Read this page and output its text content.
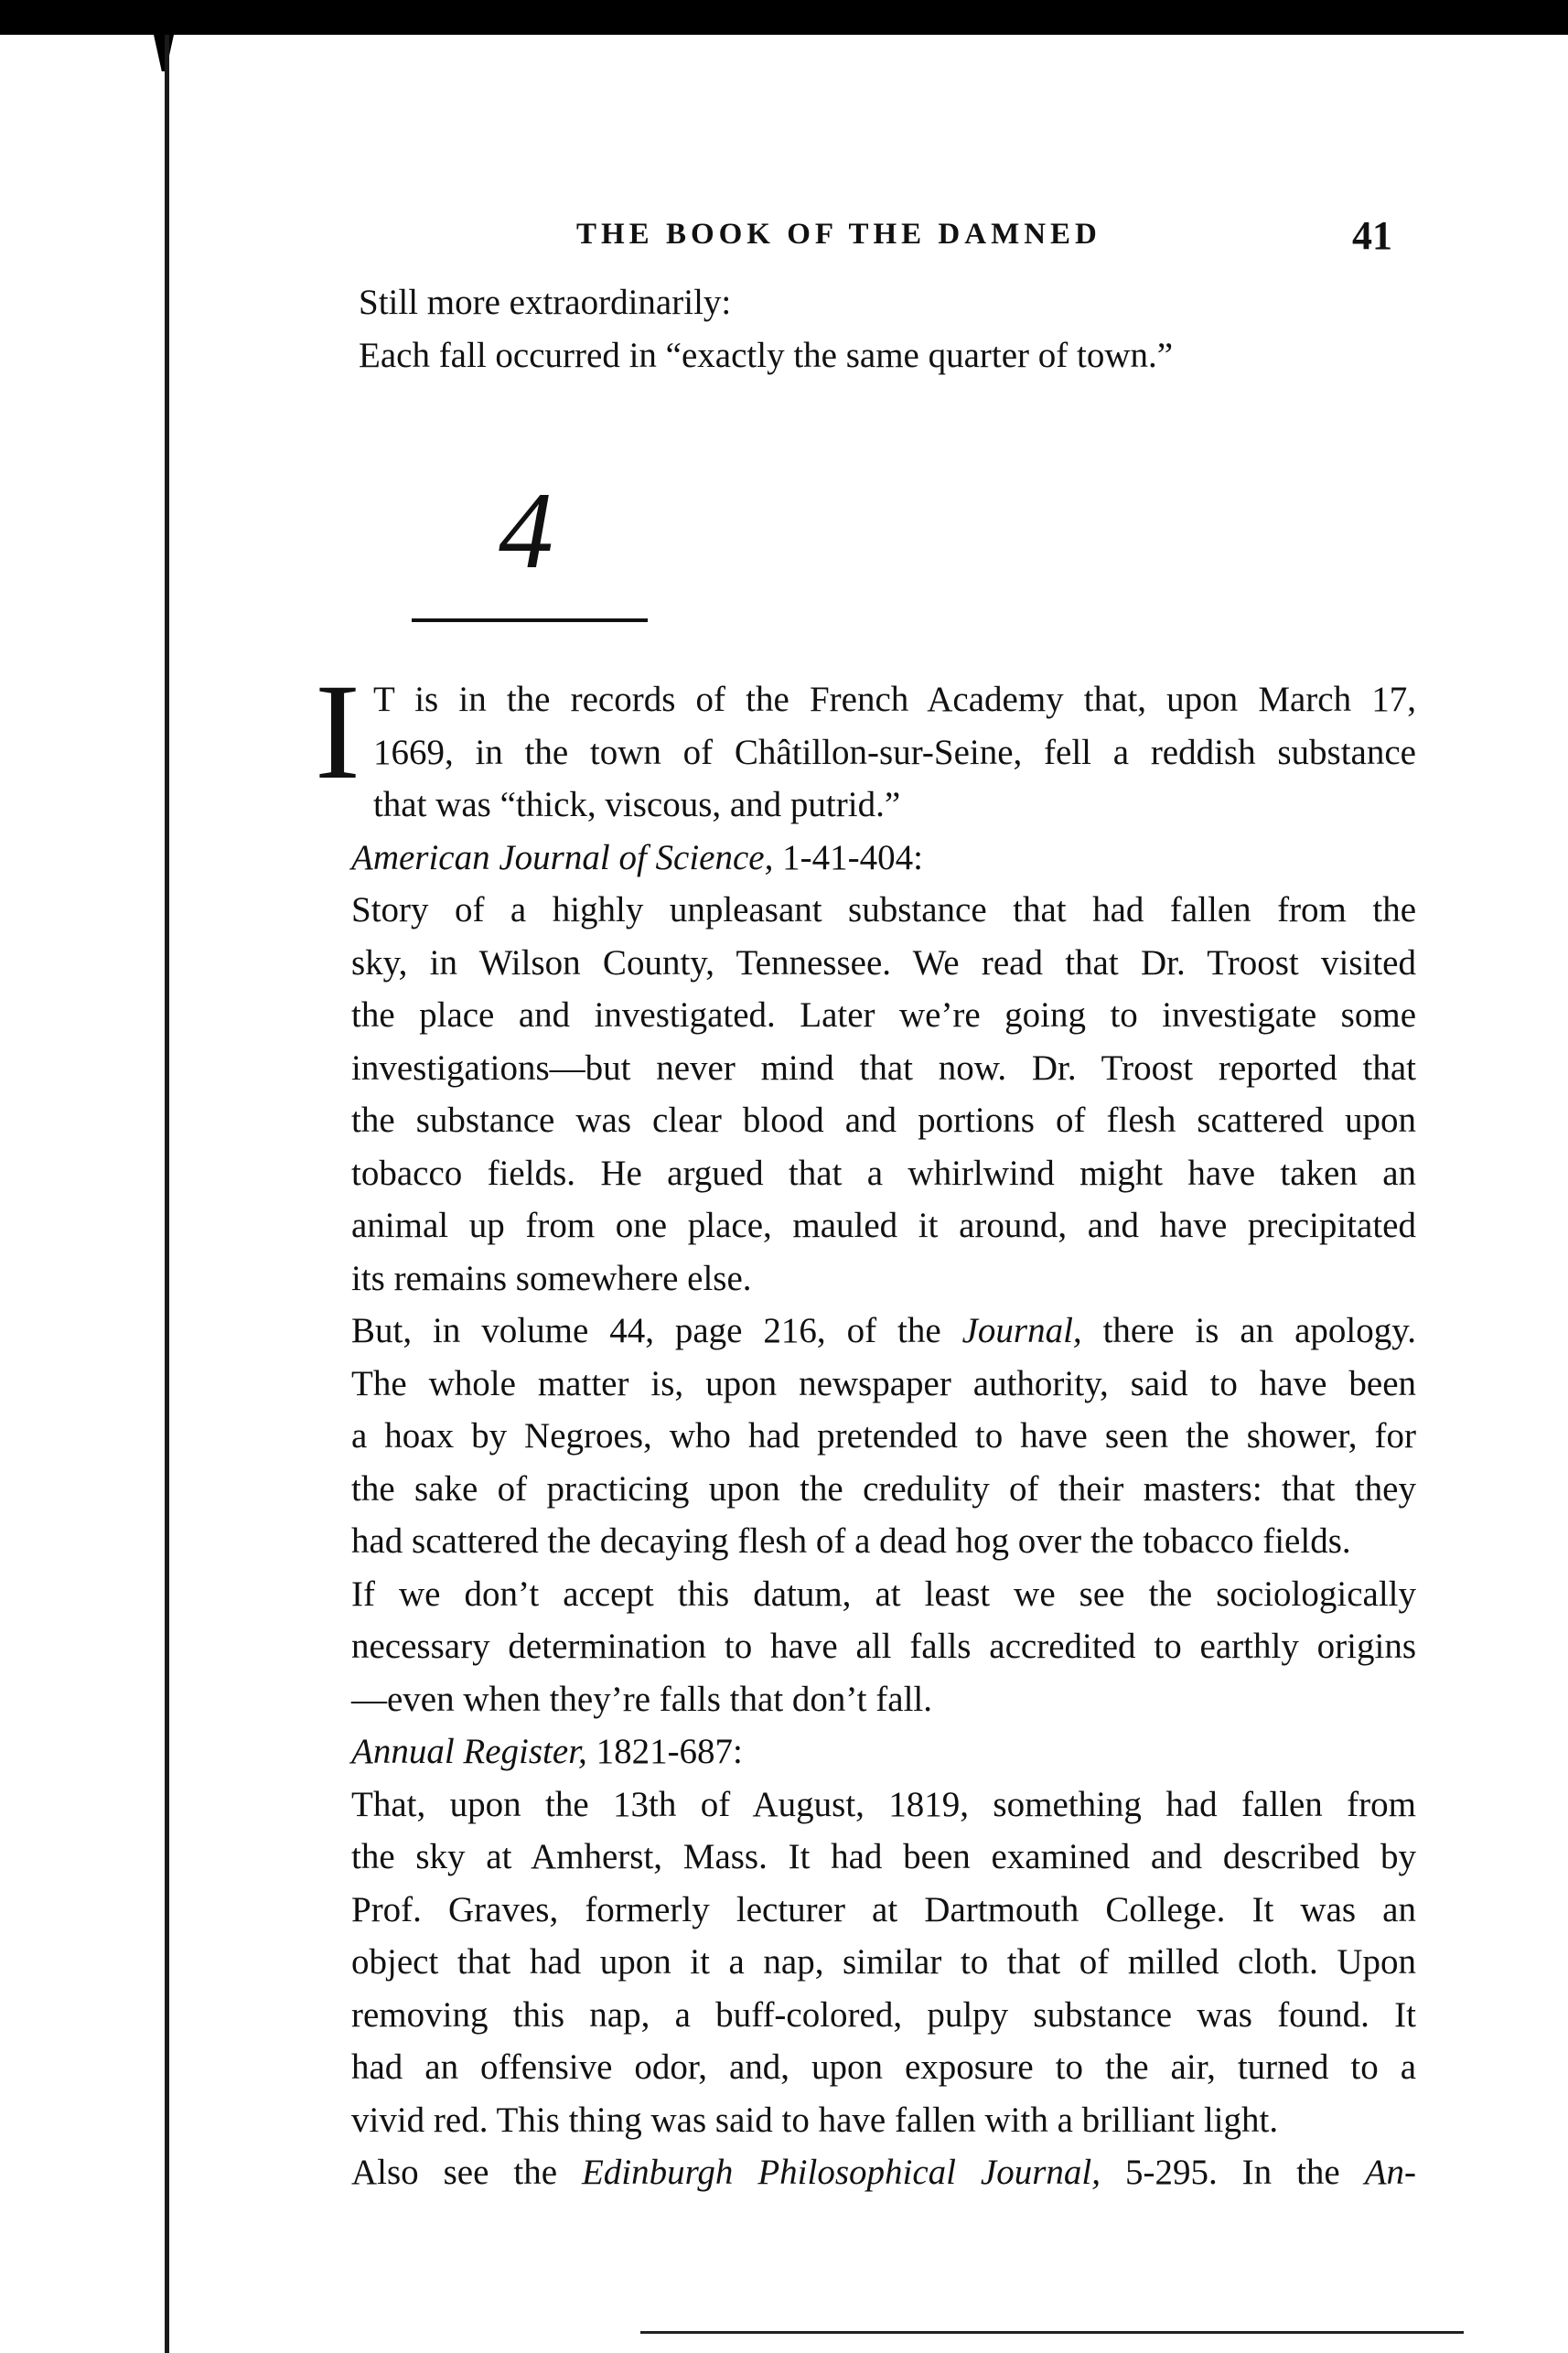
THE BOOK OF THE DAMNED	41

Still more extraordinarily:

Each fall occurred in “exactly the same quarter of town.”

4

I T is in the records of the French Academy that, upon March 17,
1669, in the town of Châtillon-sur-Seine, fell a reddish substance
that was “thick, viscous, and putrid.”

American Journal of Science, 1-41-404:

Story of a highly unpleasant substance that had fallen from the
sky, in Wilson County, Tennessee. We read that Dr. Troost visited
the place and investigated. Later we’re going to investigate some
investigations—but never mind that now. Dr. Troost reported that
the substance was clear blood and portions of flesh scattered upon
tobacco fields. He argued that a whirlwind might have taken an
animal up from one place, mauled it around, and have precipitated
its remains somewhere else.

But, in volume 44, page 216, of the Journal, there is an apology.
The whole matter is, upon newspaper authority, said to have been
a hoax by Negroes, who had pretended to have seen the shower, for
the sake of practicing upon the credulity of their masters: that they
had scattered the decaying flesh of a dead hog over the tobacco fields.

If we don’t accept this datum, at least we see the sociologically
necessary determination to have all falls accredited to earthly origins
—even when they’re falls that don’t fall.

Annual Register, 1821-687:

That, upon the 13th of August, 1819, something had fallen from
the sky at Amherst, Mass. It had been examined and described by
Prof. Graves, formerly lecturer at Dartmouth College. It was an
object that had upon it a nap, similar to that of milled cloth. Upon
removing this nap, a buff-colored, pulpy substance was found. It
had an offensive odor, and, upon exposure to the air, turned to a
vivid red. This thing was said to have fallen with a brilliant light.

Also see the Edinburgh Philosophical Journal, 5-295. In the An-
